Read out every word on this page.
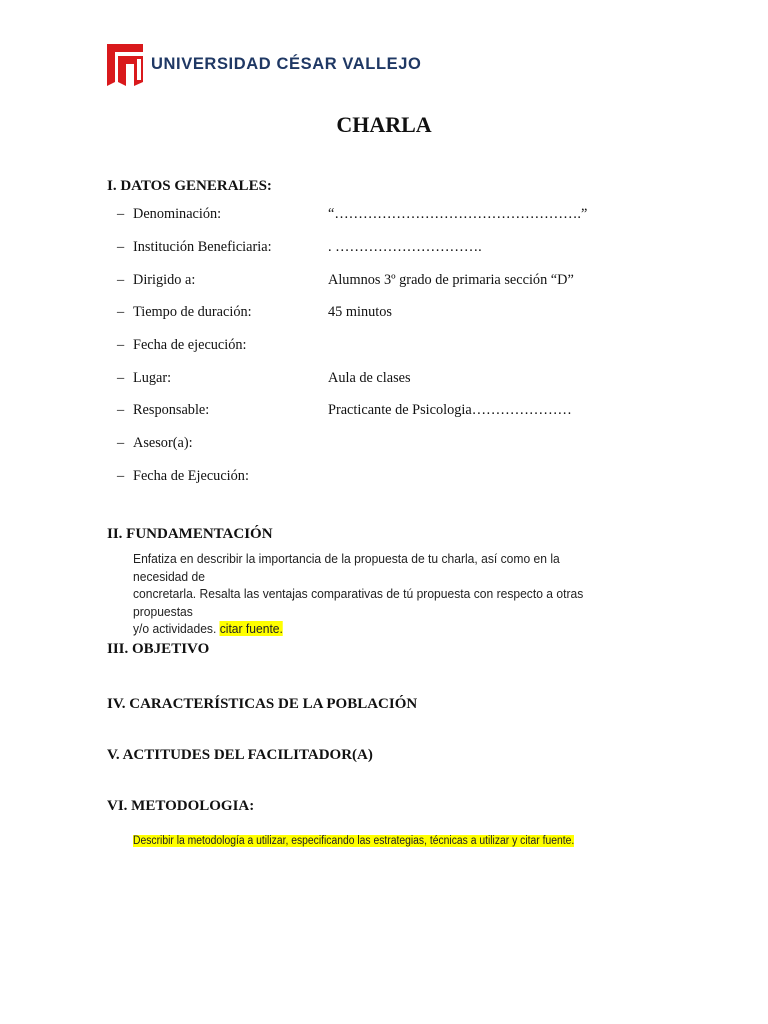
UNIVERSIDAD CÉSAR VALLEJO
CHARLA
I. DATOS GENERALES:
– Denominación:	“…………………………………………….”
– Institución Beneficiaria:	. ………………………….
– Dirigido a:	Alumnos 3º grado de primaria sección “D”
– Tiempo de duración:	45 minutos
– Fecha de ejecución:
– Lugar:	Aula de clases
– Responsable:	Practicante de Psicologia…………………
– Asesor(a):
– Fecha de Ejecución:
II. FUNDAMENTACIÓN
Enfatiza en describir la importancia de la propuesta de tu charla, así como en la necesidad de
concretarla. Resalta las ventajas comparativas de tú propuesta con respecto a otras propuestas
y/o actividades. citar fuente.
III. OBJETIVO
IV. CARACTERÍSTICAS DE LA POBLACIÓN
V. ACTITUDES DEL FACILITADOR(A)
VI. METODOLOGIA:

Describir la metodología a utilizar, especificando las estrategias, técnicas a utilizar y citar fuente.
